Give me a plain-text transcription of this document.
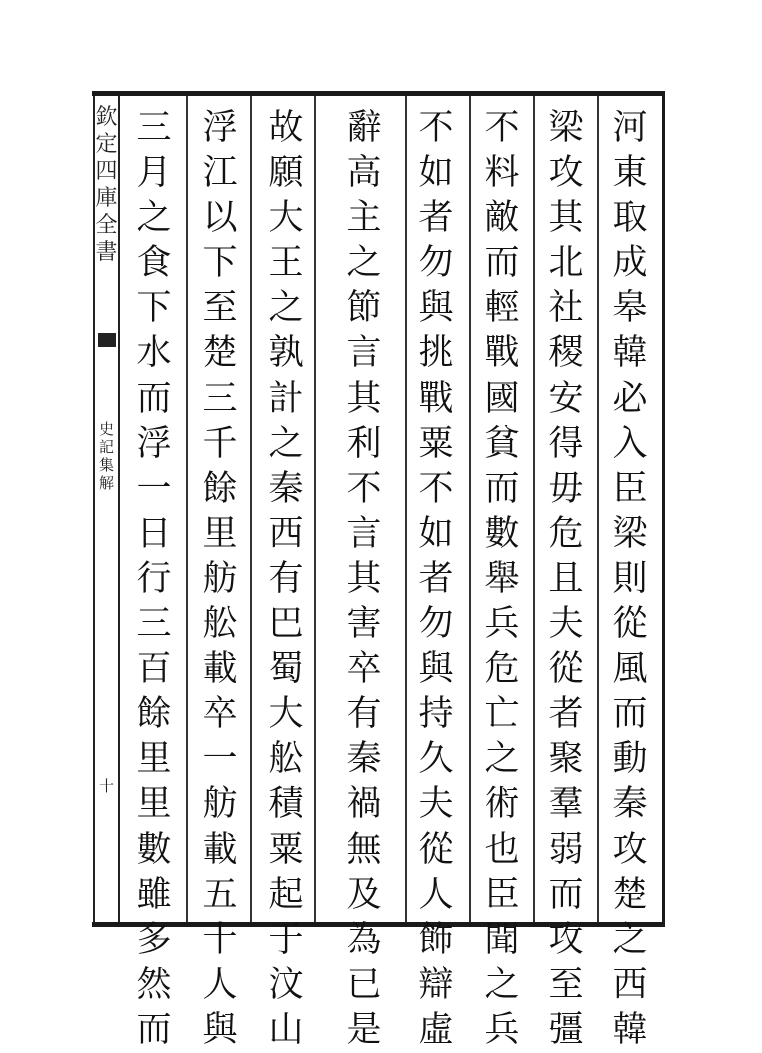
欽
定
四
庫
全
書
史
記
集
解
十
河
東
取
成
皋
韓
必
入
臣
梁
則
從
風
而
動
秦
攻
楚
之
西
韓
梁
攻
其
北
社
稷
安
得
毋
危
且
夫
從
者
聚
羣
弱
而
攻
至
彊
不
料
敵
而
輕
戰
國
貧
而
數
舉
兵
危
亡
之
術
也
臣
聞
之
兵
不
如
者
勿
與
挑
戰
粟
不
如
者
勿
與
持
久
夫
從
人
飾
辯
虛
辭
高
主
之
節
言
其
利
不
言
其
害
卒
有
秦
禍
無
及
為
已
是
故
願
大
王
之
孰
計
之
秦
西
有
巴
蜀
大
舩
積
粟
起
于
汶
山
浮
江
以
下
至
楚
三
千
餘
里
舫
舩
載
卒
一
舫
載
五
十
人
與
三
月
之
食
下
水
而
浮
一
日
行
三
百
餘
里
里
數
雖
多
然
而
